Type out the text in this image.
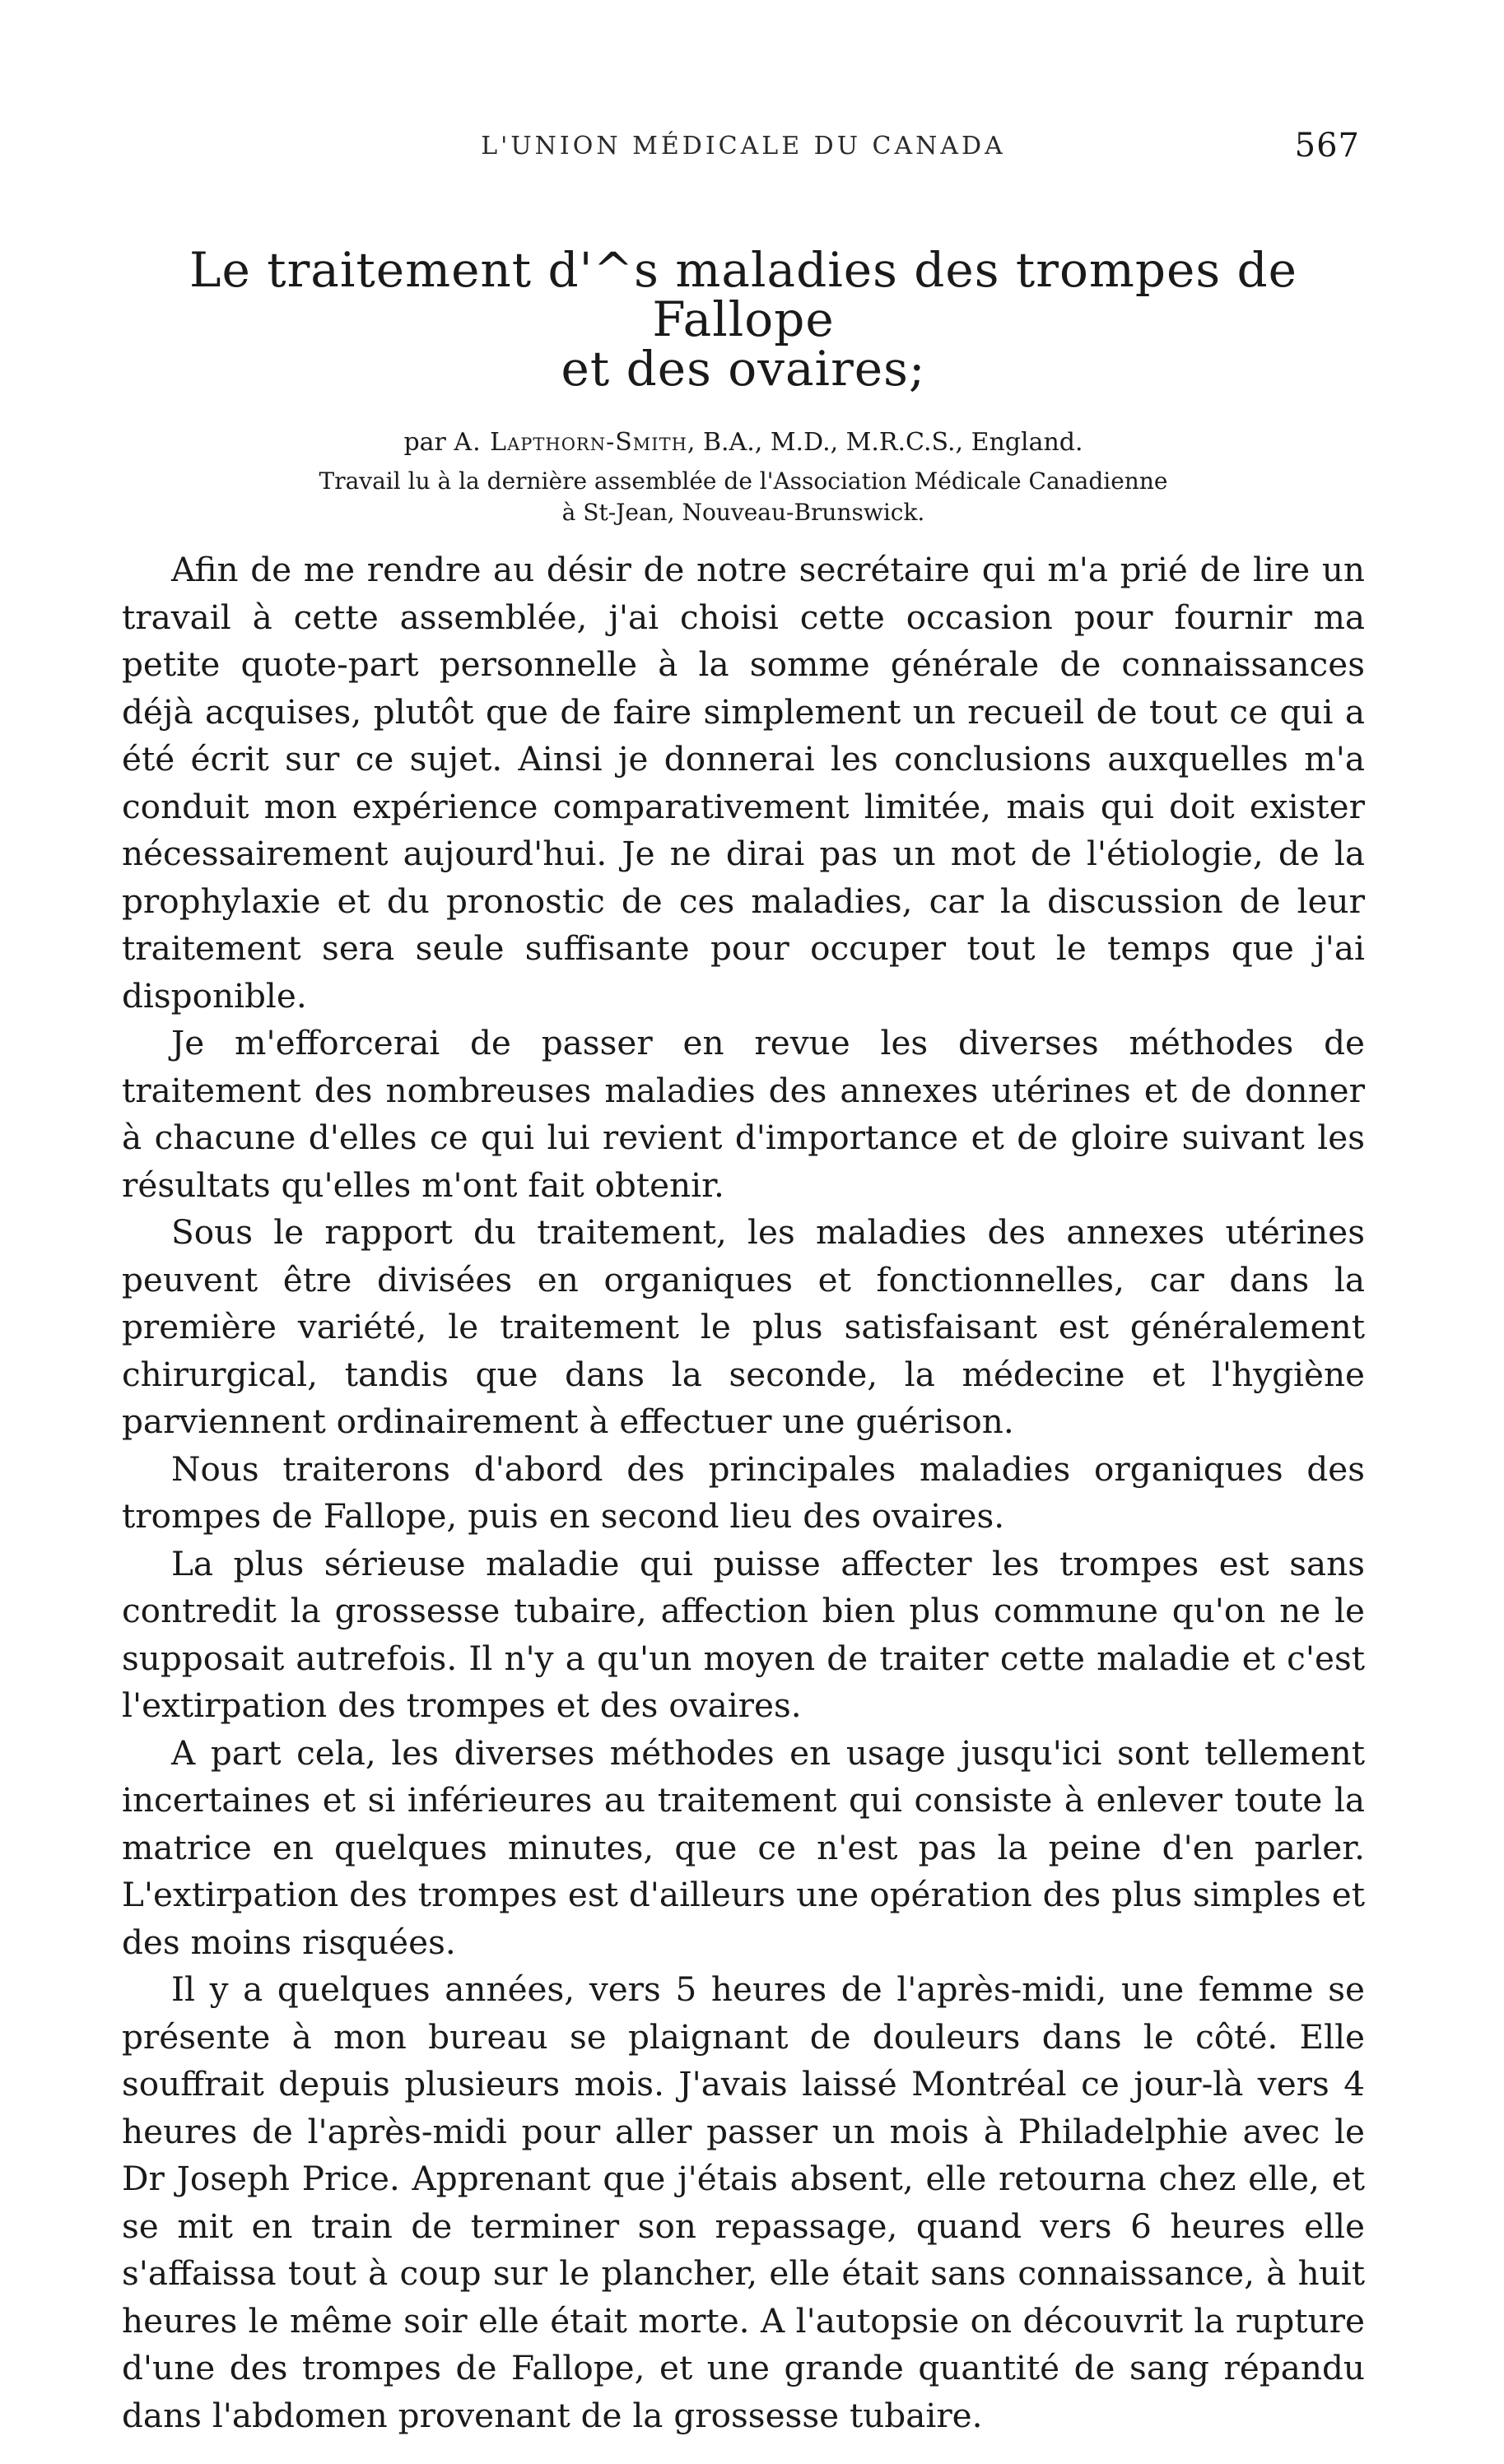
L'UNION MÉDICALE DU CANADA	567
Le traitement d'^s maladies des trompes de Fallope
et des ovaires;
par A. Lapthorn-Smith, B.A., M.D., M.R.C.S., England.
Travail lu à la dernière assemblée de l'Association Médicale Canadienne
à St-Jean, Nouveau-Brunswick.

Afin de me rendre au désir de notre secrétaire qui m'a prié de lire un travail à cette assemblée, j'ai choisi cette occasion pour fournir ma petite quote-part personnelle à la somme générale de connaissances déjà acquises, plutôt que de faire simplement un recueil de tout ce qui a été écrit sur ce sujet. Ainsi je donnerai les conclusions auxquelles m'a conduit mon expérience comparativement limitée, mais qui doit exister nécessairement aujourd'hui. Je ne dirai pas un mot de l'étiologie, de la prophylaxie et du pronostic de ces maladies, car la discussion de leur traitement sera seule suffisante pour occuper tout le temps que j'ai disponible.

Je m'efforcerai de passer en revue les diverses méthodes de traitement des nombreuses maladies des annexes utérines et de donner à chacune d'elles ce qui lui revient d'importance et de gloire suivant les résultats qu'elles m'ont fait obtenir.

Sous le rapport du traitement, les maladies des annexes utérines peuvent être divisées en organiques et fonctionnelles, car dans la première variété, le traitement le plus satisfaisant est généralement chirurgical, tandis que dans la seconde, la médecine et l'hygiène parviennent ordinairement à effectuer une guérison.

Nous traiterons d'abord des principales maladies organiques des trompes de Fallope, puis en second lieu des ovaires.

La plus sérieuse maladie qui puisse affecter les trompes est sans contredit la grossesse tubaire, affection bien plus commune qu'on ne le supposait autrefois. Il n'y a qu'un moyen de traiter cette maladie et c'est l'extirpation des trompes et des ovaires.

A part cela, les diverses méthodes en usage jusqu'ici sont tellement incertaines et si inférieures au traitement qui consiste à enlever toute la matrice en quelques minutes, que ce n'est pas la peine d'en parler. L'extirpation des trompes est d'ailleurs une opération des plus simples et des moins risquées.

Il y a quelques années, vers 5 heures de l'après-midi, une femme se présente à mon bureau se plaignant de douleurs dans le côté. Elle souffrait depuis plusieurs mois. J'avais laissé Montréal ce jour-là vers 4 heures de l'après-midi pour aller passer un mois à Philadelphie avec le Dr Joseph Price. Apprenant que j'étais absent, elle retourna chez elle, et se mit en train de terminer son repassage, quand vers 6 heures elle s'affaissa tout à coup sur le plancher, elle était sans connaissance, à huit heures le même soir elle était morte. A l'autopsie on découvrit la rupture d'une des trompes de Fallope, et une grande quantité de sang répandu dans l'abdomen provenant de la grossesse tubaire.
